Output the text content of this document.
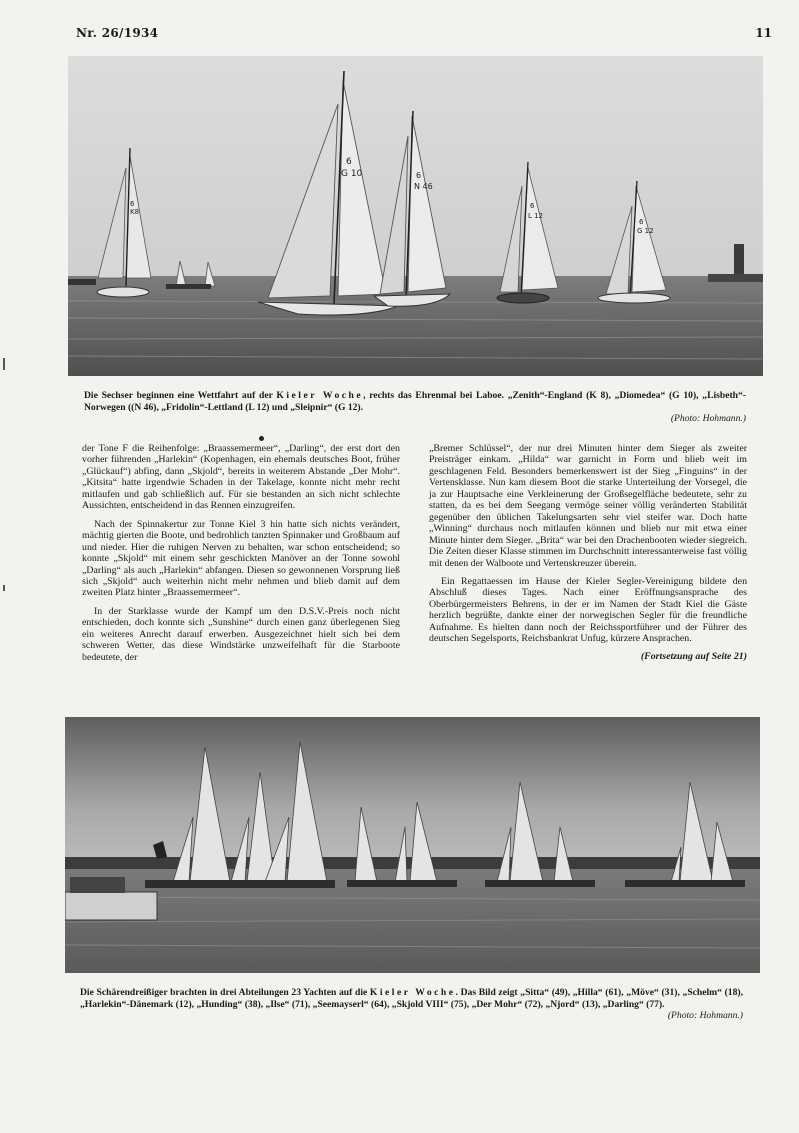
Nr. 26/1934	11
6
K8
6
G 10	6
N 46
6
L 12
6
G 12
Die Sechser beginnen eine Wettfahrt auf der Kieler Woche, rechts das Ehrenmal bei Laboe. „Zenith“-England (K 8), „Diomedea“ (G 10), „Lisbeth“-Norwegen ((N 46), „Fridolin“-Lettland (L 12) und „Sleipnir“ (G 12).
(Photo: Hohmann.)

der Tone F die Reihenfolge: „Braassemermeer“, „Darling“, der erst dort den vorher führenden „Harlekin“ (Kopenhagen, ein ehemals deutsches Boot, früher „Glückauf“) abfing, dann „Skjold“, bereits in weiterem Abstande „Der Mohr“. „Kitsita“ hatte irgendwie Schaden in der Takelage, konnte nicht mehr recht mitlaufen und gab schließlich auf. Für sie bestanden an sich nicht schlechte Aussichten, entscheidend in das Rennen einzugreifen.

Nach der Spinnakertur zur Tonne Kiel 3 hin hatte sich nichts verändert, mächtig gierten die Boote, und bedrohlich tanzten Spinnaker und Großbaum auf und nieder. Hier die ruhigen Nerven zu behalten, war schon entscheidend; so konnte „Skjold“ mit einem sehr geschickten Manöver an der Tonne sowohl „Darling“ als auch „Harlekin“ abfangen. Diesen so gewonnenen Vorsprung ließ sich „Skjold“ auch weiterhin nicht mehr nehmen und blieb damit auf dem zweiten Platz hinter „Braassemermeer“.

In der Starklasse wurde der Kampf um den D.S.V.-Preis noch nicht entschieden, doch konnte sich „Sunshine“ durch einen ganz überlegenen Sieg ein weiteres Anrecht darauf erwerben. Ausgezeichnet hielt sich bei dem schweren Wetter, das diese Windstärke unzweifelhaft für die Starboote bedeutete, der

„Bremer Schlüssel“, der nur drei Minuten hinter dem Sieger als zweiter Preisträger einkam. „Hilda“ war garnicht in Form und blieb weit im geschlagenen Feld. Besonders bemerkenswert ist der Sieg „Finguins“ in der Vertensklasse. Nun kam diesem Boot die starke Unterteilung der Vorsegel, die ja zur Hauptsache eine Verkleinerung der Großsegelfläche bedeutete, sehr zu statten, da es bei dem Seegang vermöge seiner völlig veränderten Stabilität gegenüber den üblichen Takelungsarten sehr viel steifer war. Doch hatte „Winning“ durchaus noch mitlaufen können und blieb nur mit etwa einer Minute hinter dem Sieger. „Brita“ war bei den Drachenbooten wieder siegreich. Die Zeiten dieser Klasse stimmen im Durchschnitt interessanterweise fast völlig mit denen der Walboote und Vertenskreuzer überein.

Ein Regattaessen im Hause der Kieler Segler-Vereinigung bildete den Abschluß dieses Tages. Nach einer Eröffnungsansprache des Oberbürgermeisters Behrens, in der er im Namen der Stadt Kiel die Gäste herzlich begrüßte, dankte einer der norwegischen Segler für die freundliche Aufnahme. Es hielten dann noch der Reichssportführer und der Führer des deutschen Segelsports, Reichsbankrat Unfug, kürzere Ansprachen.

(Fortsetzung auf Seite 21)

Die Schärendreißiger brachten in drei Abteilungen 23 Yachten auf die Kieler Woche. Das Bild zeigt „Sitta“ (49), „Hilla“ (61), „Möve“ (31), „Schelm“ (18), „Harlekin“-Dänemark (12), „Hunding“ (38), „Ilse“ (71), „Seemayserl“ (64), „Skjold VIII“ (75), „Der Mohr“ (72), „Njord“ (13), „Darling“ (77).
(Photo: Hohmann.)
